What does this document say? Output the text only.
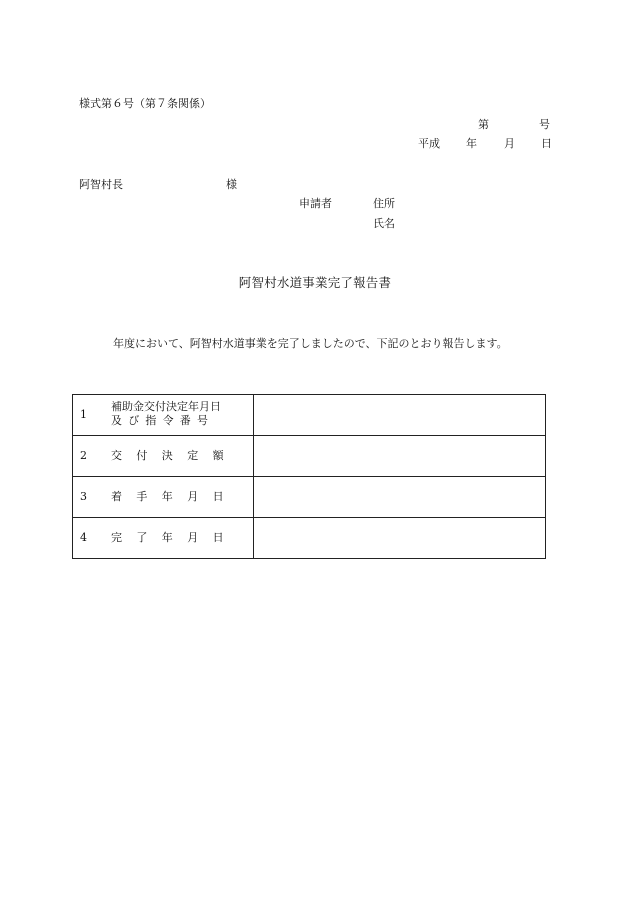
様式第６号（第７条関係）
第	号
平成 年 月 日
阿智村長	様
申請者	住所
氏名
阿智村水道事業完了報告書
年度において、阿智村水道事業を完了しましたので、下記のとおり報告します。
1
補助金交付決定年月日
及び指令番号	

2 交付決定額	

3 着手年月日	

4 完了年月日	
